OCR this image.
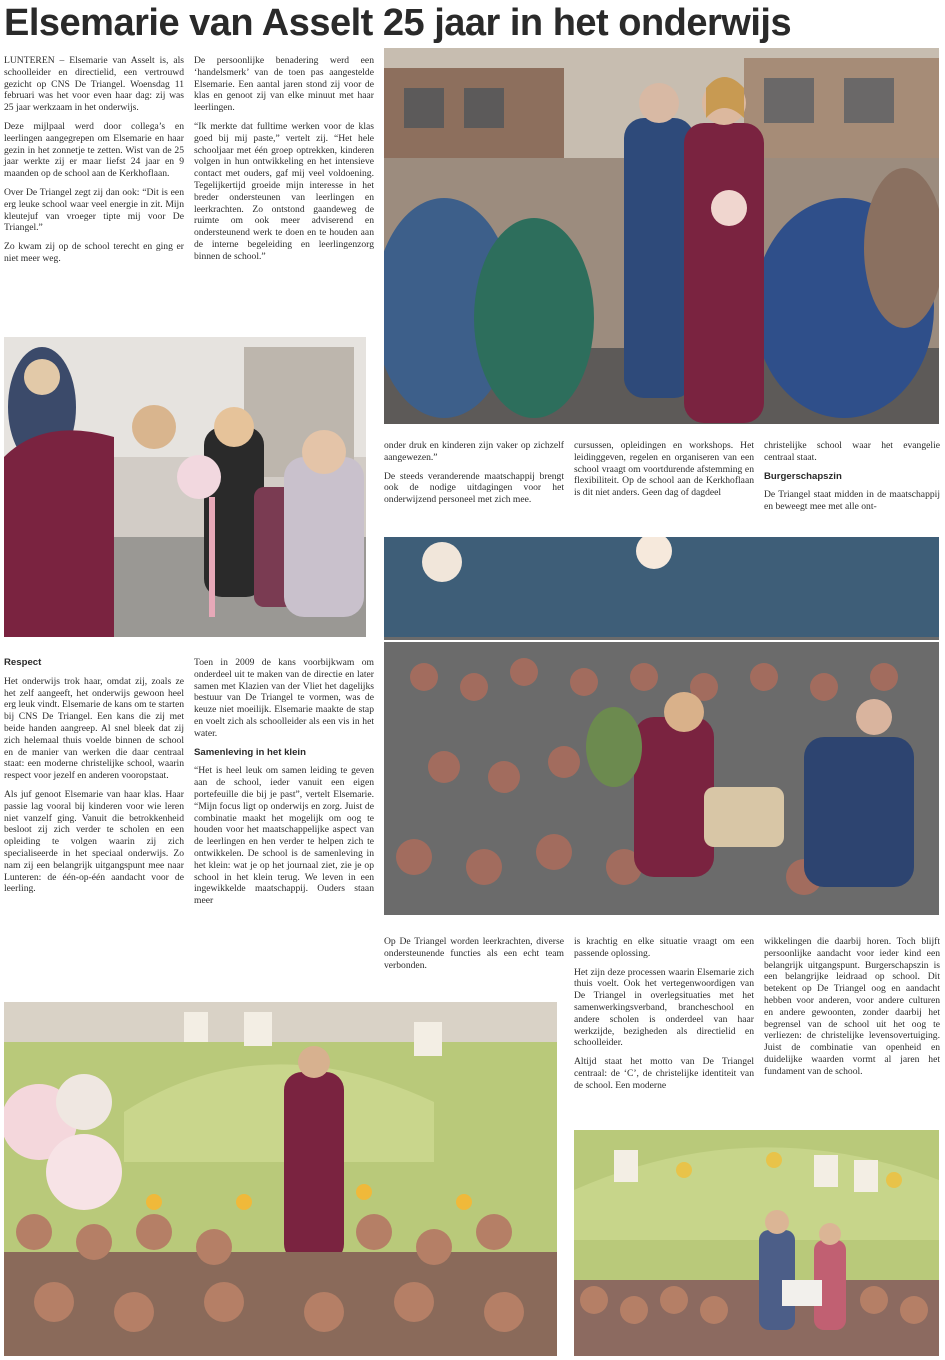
Elsemarie van Asselt 25 jaar in het onderwijs

LUNTEREN – Elsemarie van Asselt is, als schoolleider en directielid, een vertrouwd gezicht op CNS De Triangel. Woensdag 11 februari was het voor even haar dag: zij was 25 jaar werkzaam in het onderwijs.

Deze mijlpaal werd door collega’s en leerlingen aangegrepen om Elsemarie en haar gezin in het zonnetje te zetten. Wist van de 25 jaar werkte zij er maar liefst 24 jaar en 9 maanden op de school aan de Kerkhoflaan.

Over De Triangel zegt zij dan ook: “Dit is een erg leuke school waar veel energie in zit. Mijn kleutejuf van vroeger tipte mij voor De Triangel.”

Zo kwam zij op de school terecht en ging er niet meer weg.

De persoonlijke benadering werd een ‘handelsmerk’ van de toen pas aangestelde Elsemarie. Een aantal jaren stond zij voor de klas en genoot zij van elke minuut met haar leerlingen.

“Ik merkte dat fulltime werken voor de klas goed bij mij paste,” vertelt zij. “Het hele schooljaar met één groep optrekken, kinderen volgen in hun ontwikkeling en het intensieve contact met ouders, gaf mij veel voldoening. Tegelijkertijd groeide mijn interesse in het breder ondersteunen van leerlingen en leerkrachten. Zo ontstond gaandeweg de ruimte om ook meer adviserend en ondersteunend werk te doen en te houden aan de interne begeleiding en leerlingenzorg binnen de school.”

onder druk en kinderen zijn vaker op zichzelf aangewezen.”

De steeds veranderende maatschappij brengt ook de nodige uitdagingen voor het onderwijzend personeel met zich mee.

cursussen, opleidingen en workshops. Het leidinggeven, regelen en organiseren van een school vraagt om voortdurende afstemming en flexibiliteit. Op de school aan de Kerkhoflaan is dit niet anders. Geen dag of dagdeel

christelijke school waar het evangelie centraal staat.

Burgerschapszin

De Triangel staat midden in de maatschappij en beweegt mee met alle ont-

Respect

Het onderwijs trok haar, omdat zij, zoals ze het zelf aangeeft, het onderwijs gewoon heel erg leuk vindt. Elsemarie de kans om te starten bij CNS De Triangel. Een kans die zij met beide handen aangreep. Al snel bleek dat zij zich helemaal thuis voelde binnen de school en de manier van werken die daar centraal staat: een moderne christelijke school, waarin respect voor jezelf en anderen vooropstaat.

Als juf genoot Elsemarie van haar klas. Haar passie lag vooral bij kinderen voor wie leren niet vanzelf ging. Vanuit die betrokkenheid besloot zij zich verder te scholen en een opleiding te volgen waarin zij zich specialiseerde in het speciaal onderwijs. Zo nam zij een belangrijk uitgangspunt mee naar Lunteren: de één-op-één aandacht voor de leerling.

Toen in 2009 de kans voorbijkwam om onderdeel uit te maken van de directie en later samen met Klazien van der Vliet het dagelijks bestuur van De Triangel te vormen, was de keuze niet moeilijk. Elsemarie maakte de stap en voelt zich als schoolleider als een vis in het water.

Samenleving in het klein

“Het is heel leuk om samen leiding te geven aan de school, ieder vanuit een eigen portefeuille die bij je past”, vertelt Elsemarie. “Mijn focus ligt op onderwijs en zorg. Juist de combinatie maakt het mogelijk om oog te houden voor het maatschappelijke aspect van de leerlingen en hen verder te helpen zich te ontwikkelen. De school is de samenleving in het klein: wat je op het journaal ziet, zie je op school in het klein terug. We leven in een ingewikkelde maatschappij. Ouders staan meer

Op De Triangel worden leerkrachten, diverse ondersteunende functies als een echt team verbonden.

is krachtig en elke situatie vraagt om een passende oplossing.

Het zijn deze processen waarin Elsemarie zich thuis voelt. Ook het vertegenwoordigen van De Triangel in overlegsituaties met het samenwerkingsverband, brancheschool en andere scholen is onderdeel van haar werkzijde, bezigheden als directielid en schoolleider.

Altijd staat het motto van De Triangel centraal: de ‘C’, de christelijke identiteit van de school. Een moderne

wikkelingen die daarbij horen. Toch blijft persoonlijke aandacht voor ieder kind een belangrijk uitgangspunt. Burgerschapszin is een belangrijke leidraad op school. Dit betekent op De Triangel oog en aandacht hebben voor anderen, voor andere culturen en andere gewoonten, zonder daarbij het begrensel van de school uit het oog te verliezen: de christelijke levensovertuiging. Juist de combinatie van openheid en duidelijke waarden vormt al jaren het fundament van de school.
